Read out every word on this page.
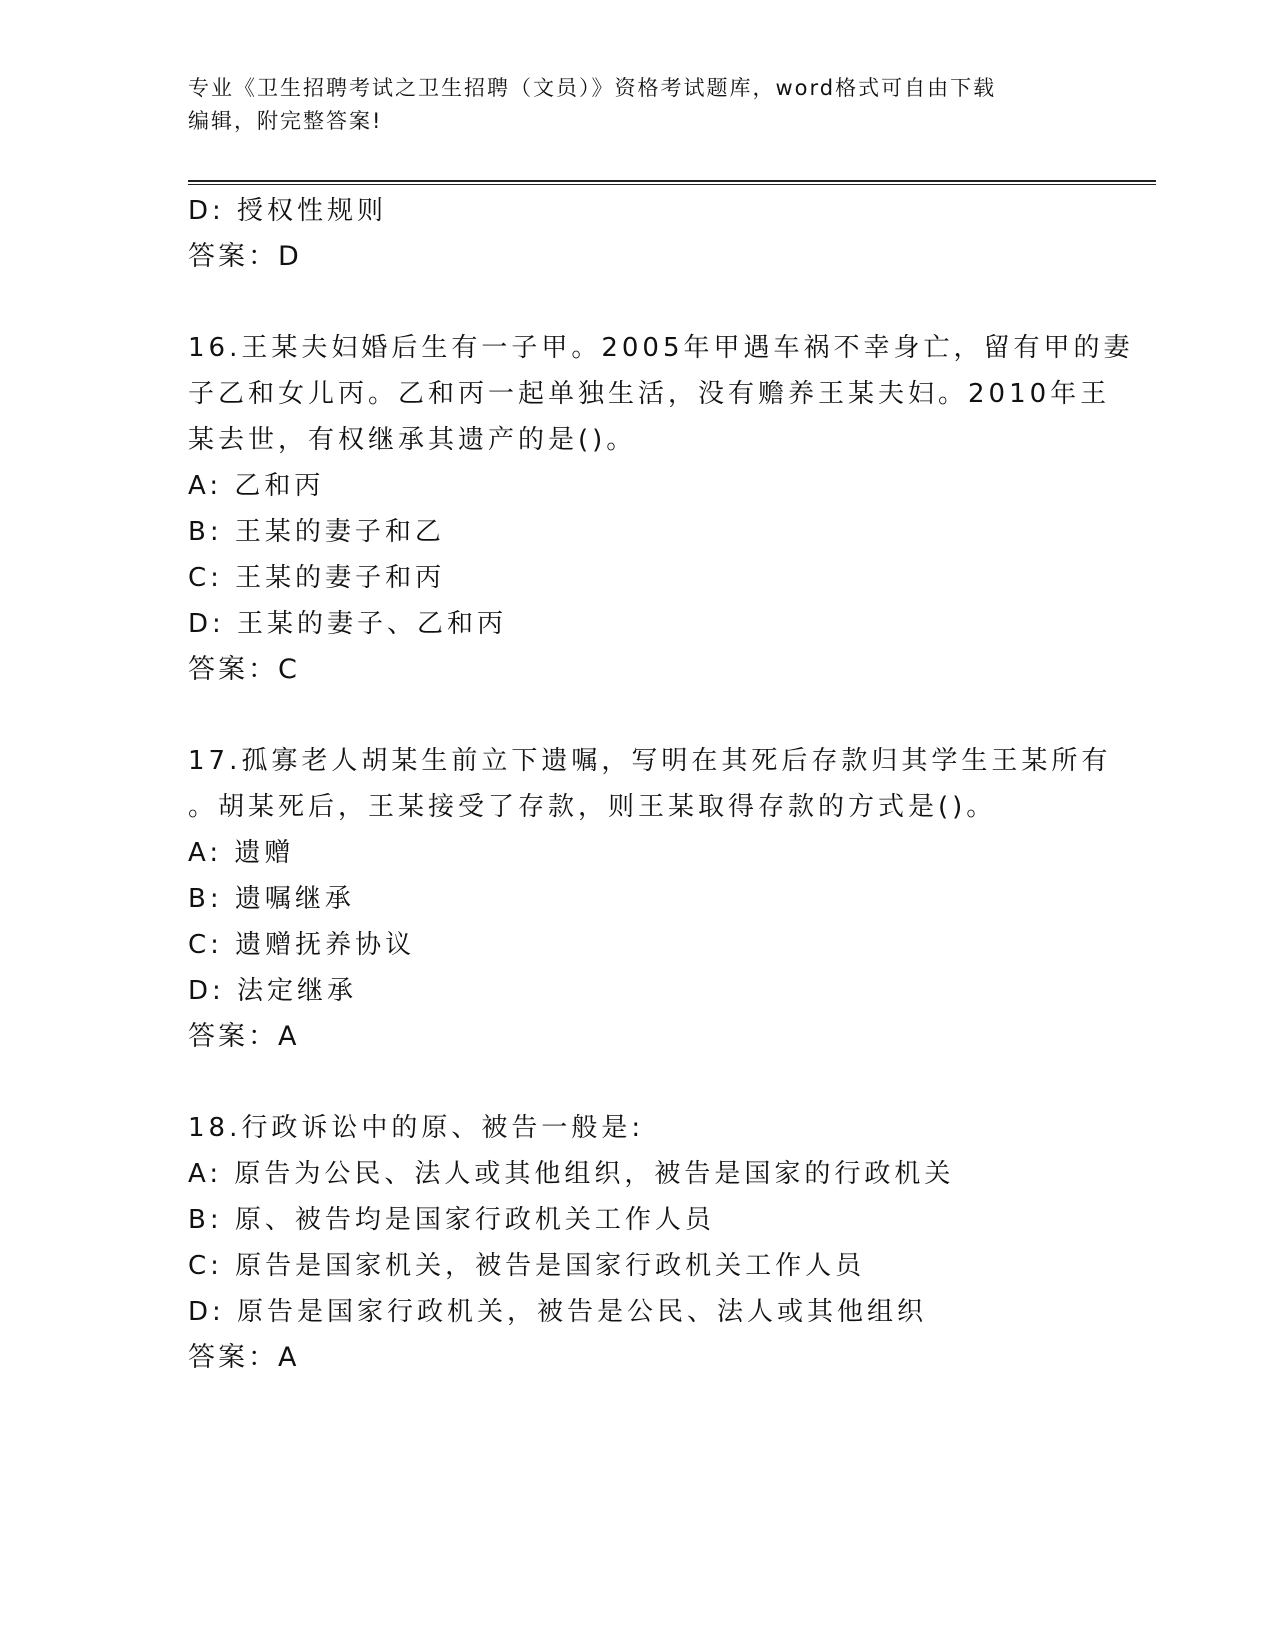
专业《卫生招聘考试之卫生招聘（文员）》资格考试题库，word格式可自由下载
编辑，附完整答案!
D: 授权性规则
答案：D
16.王某夫妇婚后生有一子甲。2005年甲遇车祸不幸身亡，留有甲的妻
子乙和女儿丙。乙和丙一起单独生活，没有赡养王某夫妇。2010年王
某去世，有权继承其遗产的是()。
A: 乙和丙
B: 王某的妻子和乙
C: 王某的妻子和丙
D: 王某的妻子、乙和丙
答案：C
17.孤寡老人胡某生前立下遗嘱，写明在其死后存款归其学生王某所有
。胡某死后，王某接受了存款，则王某取得存款的方式是()。
A: 遗赠
B: 遗嘱继承
C: 遗赠抚养协议
D: 法定继承
答案：A
18.行政诉讼中的原、被告一般是:
A: 原告为公民、法人或其他组织，被告是国家的行政机关
B: 原、被告均是国家行政机关工作人员
C: 原告是国家机关，被告是国家行政机关工作人员
D: 原告是国家行政机关，被告是公民、法人或其他组织
答案：A
